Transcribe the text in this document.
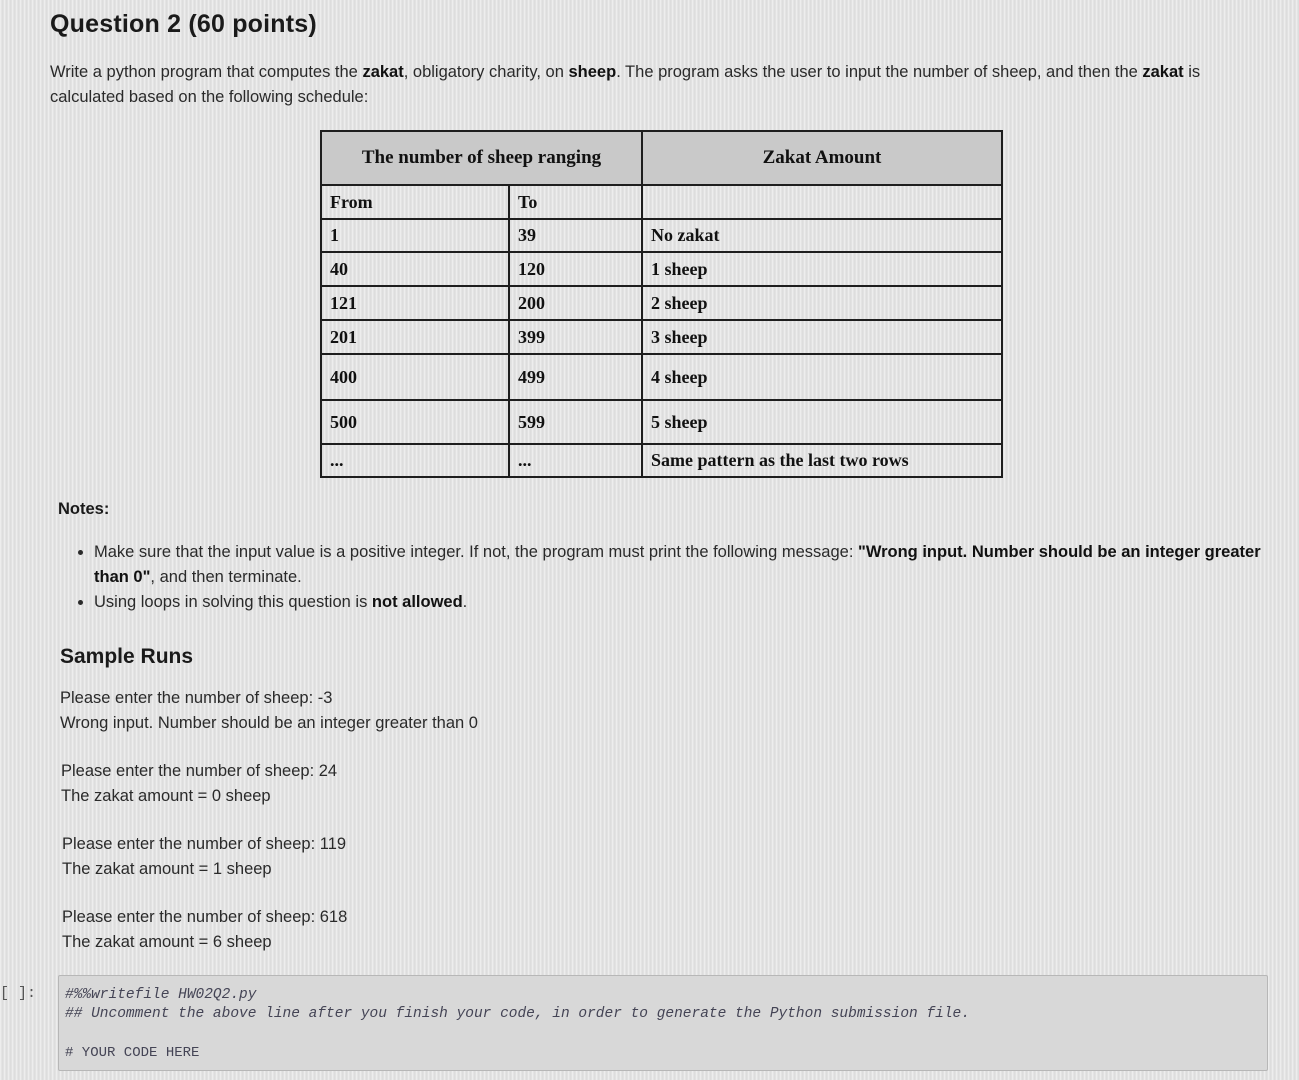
Question 2 (60 points)
Write a python program that computes the zakat, obligatory charity, on sheep. The program asks the user to input the number of sheep, and then the zakat is calculated based on the following schedule:
The number of sheep ranging		Zakat Amount
From	To	
1	39	No zakat
40	120	1 sheep
121	200	2 sheep
201	399	3 sheep
400	499	4 sheep
500	599	5 sheep
...	...	Same pattern as the last two rows
Notes:
• Make sure that the input value is a positive integer. If not, the program must print the following message: "Wrong input. Number should be an integer greater than 0", and then terminate.
• Using loops in solving this question is not allowed.
Sample Runs
Please enter the number of sheep: -3
Wrong input. Number should be an integer greater than 0
Please enter the number of sheep: 24
The zakat amount = 0 sheep
Please enter the number of sheep: 119
The zakat amount = 1 sheep
Please enter the number of sheep: 618
The zakat amount = 6 sheep
[ ]: #%%writefile HW02Q2.py
## Uncomment the above line after you finish your code, in order to generate the Python submission file.
# YOUR CODE HERE
